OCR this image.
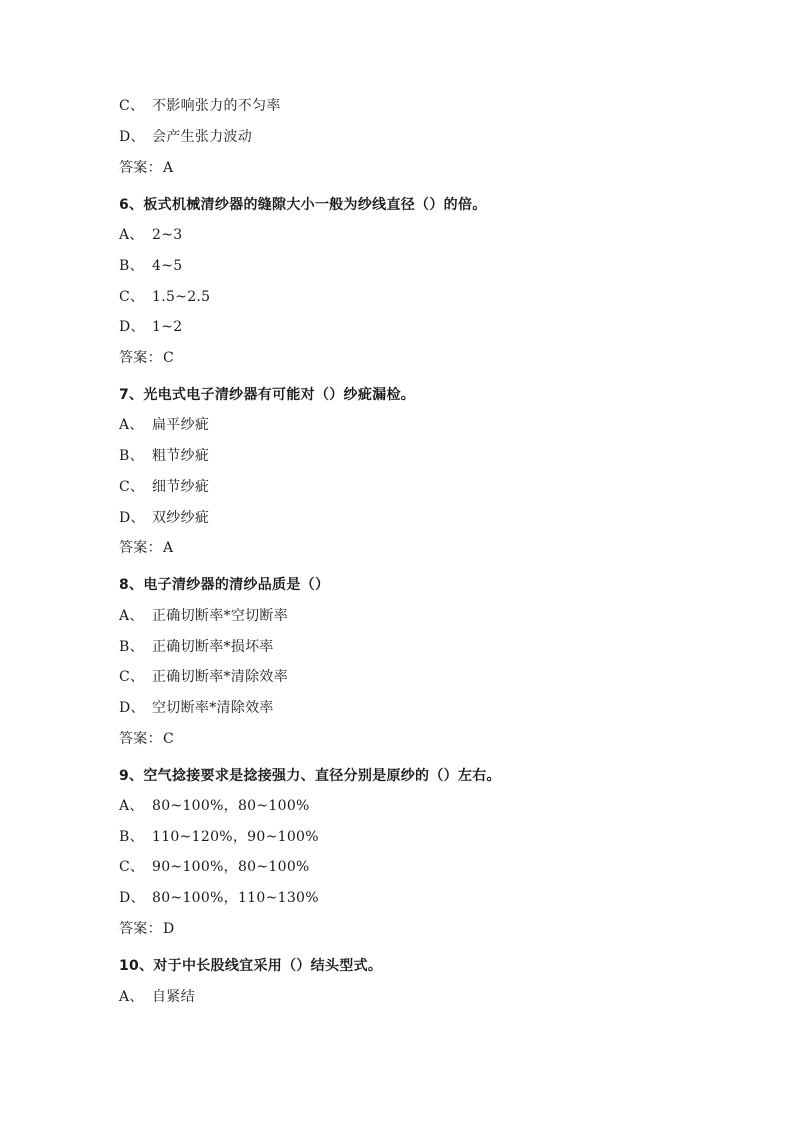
C、 不影响张力的不匀率
D、 会产生张力波动
答案：A
6、板式机械清纱器的缝隙大小一般为纱线直径（）的倍。
A、 2~3
B、 4~5
C、 1.5~2.5
D、 1~2
答案：C
7、光电式电子清纱器有可能对（）纱疵漏检。
A、 扁平纱疵
B、 粗节纱疵
C、 细节纱疵
D、 双纱纱疵
答案：A
8、电子清纱器的清纱品质是（）
A、 正确切断率*空切断率
B、 正确切断率*损坏率
C、 正确切断率*清除效率
D、 空切断率*清除效率
答案：C
9、空气捻接要求是捻接强力、直径分别是原纱的（）左右。
A、 80~100%，80~100%
B、 110~120%，90~100%
C、 90~100%，80~100%
D、 80~100%，110~130%
答案：D
10、对于中长股线宜采用（）结头型式。
A、 自紧结
